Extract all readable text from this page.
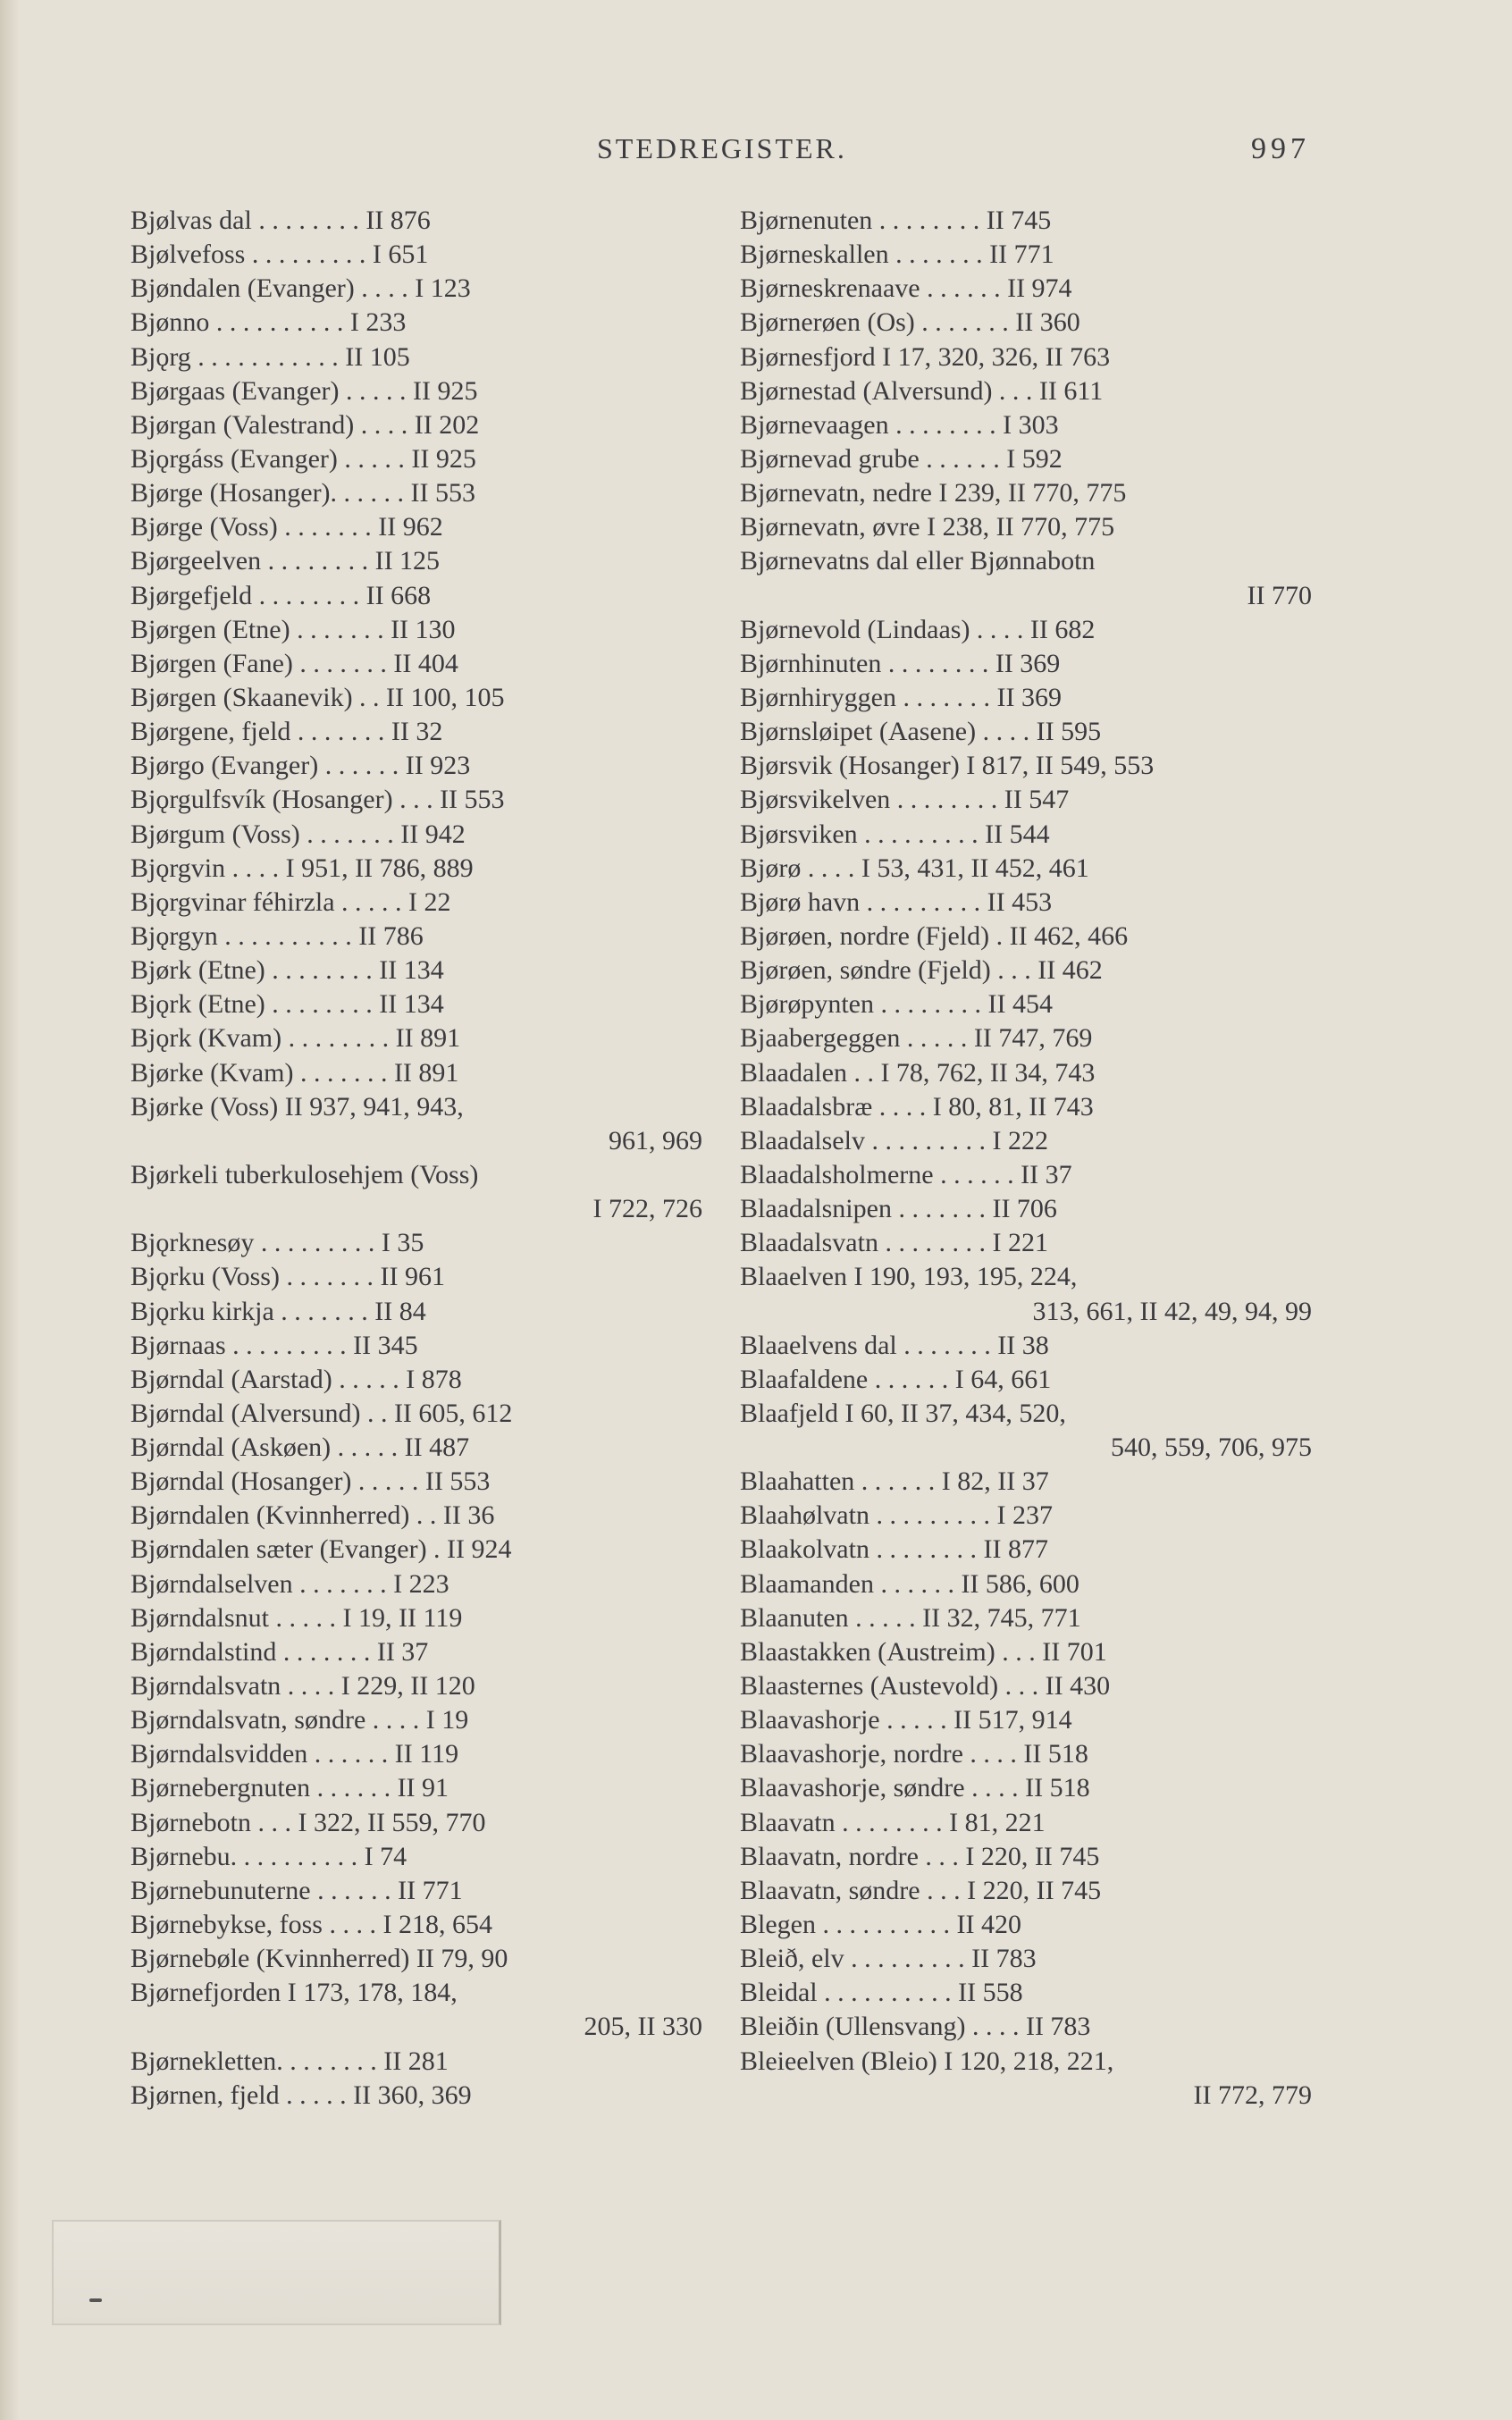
STEDREGISTER.	997
Bjølvas dal . . . . . . . . II 876
Bjølvefoss . . . . . . . . . I 651
Bjøndalen (Evanger) . . . . I 123
Bjønno . . . . . . . . . . I 233
Bjǫrg . . . . . . . . . . . II 105
Bjørgaas (Evanger) . . . . . II 925
Bjørgan (Valestrand) . . . . II 202
Bjǫrgáss (Evanger) . . . . . II 925
Bjørge (Hosanger). . . . . . II 553
Bjørge (Voss) . . . . . . . II 962
Bjørgeelven . . . . . . . . II 125
Bjørgefjeld . . . . . . . . II 668
Bjørgen (Etne) . . . . . . . II 130
Bjørgen (Fane) . . . . . . . II 404
Bjørgen (Skaanevik) . . II 100, 105
Bjørgene, fjeld . . . . . . . II 32
Bjørgo (Evanger) . . . . . . II 923
Bjǫrgulfsvík (Hosanger) . . . II 553
Bjørgum (Voss) . . . . . . . II 942
Bjǫrgvin . . . . I 951, II 786, 889
Bjǫrgvinar féhirzla . . . . . I 22
Bjǫrgyn . . . . . . . . . . II 786
Bjørk (Etne) . . . . . . . . II 134
Bjǫrk (Etne) . . . . . . . . II 134
Bjǫrk (Kvam) . . . . . . . . II 891
Bjørke (Kvam) . . . . . . . II 891
Bjørke (Voss) II 937, 941, 943,
961, 969
Bjørkeli tuberkulosehjem (Voss)
I 722, 726
Bjǫrknesøy . . . . . . . . . I 35
Bjǫrku (Voss) . . . . . . . II 961
Bjǫrku kirkja . . . . . . . II 84
Bjørnaas . . . . . . . . . II 345
Bjørndal (Aarstad) . . . . . I 878
Bjørndal (Alversund) . . II 605, 612
Bjørndal (Askøen) . . . . . II 487
Bjørndal (Hosanger) . . . . . II 553
Bjørndalen (Kvinnherred) . . II 36
Bjørndalen sæter (Evanger) . II 924
Bjørndalselven . . . . . . . I 223
Bjørndalsnut . . . . . I 19, II 119
Bjørndalstind . . . . . . . II 37
Bjørndalsvatn . . . . I 229, II 120
Bjørndalsvatn, søndre . . . . I 19
Bjørndalsvidden . . . . . . II 119
Bjørnebergnuten . . . . . . II 91
Bjørnebotn . . . I 322, II 559, 770
Bjørnebu. . . . . . . . . . I 74
Bjørnebunuterne . . . . . . II 771
Bjørnebykse, foss . . . . I 218, 654
Bjørnebøle (Kvinnherred) II 79, 90
Bjørnefjorden I 173, 178, 184,
205, II 330
Bjørnekletten. . . . . . . . II 281
Bjørnen, fjeld . . . . . II 360, 369
Bjørnenuten . . . . . . . . II 745
Bjørneskallen . . . . . . . II 771
Bjørneskrenaave . . . . . . II 974
Bjørnerøen (Os) . . . . . . . II 360
Bjørnesfjord I 17, 320, 326, II 763
Bjørnestad (Alversund) . . . II 611
Bjørnevaagen . . . . . . . . I 303
Bjørnevad grube . . . . . . I 592
Bjørnevatn, nedre I 239, II 770, 775
Bjørnevatn, øvre I 238, II 770, 775
Bjørnevatns dal eller Bjønnabotn
II 770
Bjørnevold (Lindaas) . . . . II 682
Bjørnhinuten . . . . . . . . II 369
Bjørnhiryggen . . . . . . . II 369
Bjørnsløipet (Aasene) . . . . II 595
Bjørsvik (Hosanger) I 817, II 549, 553
Bjørsvikelven . . . . . . . . II 547
Bjørsviken . . . . . . . . . II 544
Bjørø . . . . I 53, 431, II 452, 461
Bjørø havn . . . . . . . . . II 453
Bjørøen, nordre (Fjeld) . II 462, 466
Bjørøen, søndre (Fjeld) . . . II 462
Bjørøpynten . . . . . . . . II 454
Bjaabergeggen . . . . . II 747, 769
Blaadalen . . I 78, 762, II 34, 743
Blaadalsbræ . . . . I 80, 81, II 743
Blaadalselv . . . . . . . . . I 222
Blaadalsholmerne . . . . . . II 37
Blaadalsnipen . . . . . . . II 706
Blaadalsvatn . . . . . . . . I 221
Blaaelven I 190, 193, 195, 224,
313, 661, II 42, 49, 94, 99
Blaaelvens dal . . . . . . . II 38
Blaafaldene . . . . . . I 64, 661
Blaafjeld I 60, II 37, 434, 520,
540, 559, 706, 975
Blaahatten . . . . . . I 82, II 37
Blaahølvatn . . . . . . . . . I 237
Blaakolvatn . . . . . . . . II 877
Blaamanden . . . . . . II 586, 600
Blaanuten . . . . . II 32, 745, 771
Blaastakken (Austreim) . . . II 701
Blaasternes (Austevold) . . . II 430
Blaavashorje . . . . . II 517, 914
Blaavashorje, nordre . . . . II 518
Blaavashorje, søndre . . . . II 518
Blaavatn . . . . . . . . I 81, 221
Blaavatn, nordre . . . I 220, II 745
Blaavatn, søndre . . . I 220, II 745
Blegen . . . . . . . . . . II 420
Bleið, elv . . . . . . . . . II 783
Bleidal . . . . . . . . . . II 558
Bleiðin (Ullensvang) . . . . II 783
Bleieelven (Bleio) I 120, 218, 221,
II 772, 779
